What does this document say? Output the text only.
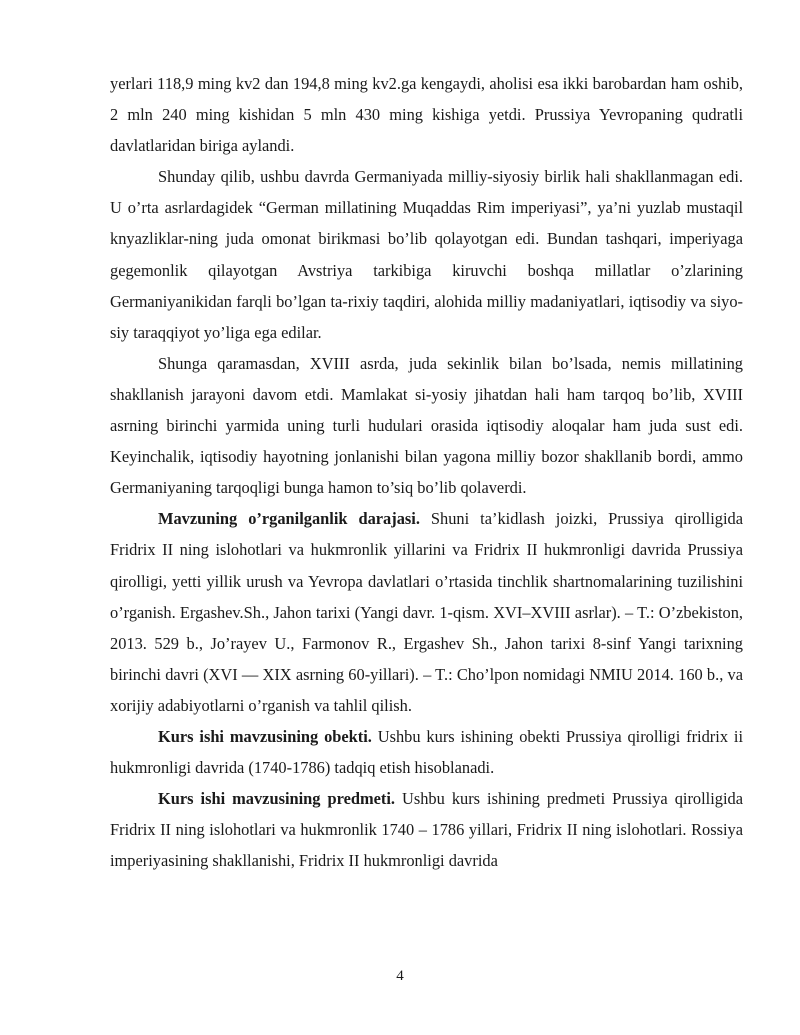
yerlari 118,9 ming kv2 dan 194,8 ming kv2.ga kengaydi, aholisi esa ikki barobardan ham oshib, 2 mln 240 ming kishidan 5 mln 430 ming kishiga yetdi. Prussiya Yevropaning qudratli davlatlaridan biriga aylandi.

Shunday qilib, ushbu davrda Germaniyada milliy-siyosiy birlik hali shakllanmagan edi. U o’rta asrlardagidek “German millatining Muqaddas Rim imperiyasi”, ya’ni yuzlab mustaqil knyazliklar-ning juda omonat birikmasi bo’lib qolayotgan edi. Bundan tashqari, imperiyaga gegemonlik qilayotgan Avstriya tarkibiga kiruvchi boshqa millatlar o’zlarining Germaniyanikidan farqli bo’lgan ta-rixiy taqdiri, alohida milliy madaniyatlari, iqtisodiy va siyo-siy taraqqiyot yo’liga ega edilar.

Shunga qaramasdan, XVIII asrda, juda sekinlik bilan bo’lsada, nemis millatining shakllanish jarayoni davom etdi. Mamlakat si-yosiy jihatdan hali ham tarqoq bo’lib, XVIII asrning birinchi yarmida uning turli hudulari orasida iqtisodiy aloqalar ham juda sust edi. Keyinchalik, iqtisodiy hayotning jonlanishi bilan yagona milliy bozor shakllanib bordi, ammo Germaniyaning tarqoqligi bunga hamon to’siq bo’lib qolaverdi.

Mavzuning o’rganilganlik darajasi. Shuni ta’kidlash joizki, Prussiya qirolligida Fridrix II ning islohotlari va hukmronlik yillarini va Fridrix II hukmronligi davrida Prussiya qirolligi, yetti yillik urush va Yevropa davlatlari o’rtasida tinchlik shartnomalarining tuzilishini o’rganish. Ergashev.Sh., Jahon tarixi (Yangi davr. 1-qism. XVI–XVIII asrlar). – T.: O’zbekiston, 2013. 529 b., Jo’rayev U., Farmonov R., Ergashev Sh., Jahon tarixi 8-sinf Yangi tarixning birinchi davri (XVI — XIX asrning 60-yillari). – T.: Cho’lpon nomidagi NMIU 2014. 160 b., va xorijiy adabiyotlarni o’rganish va tahlil qilish.

Kurs ishi mavzusining obekti. Ushbu kurs ishining obekti Prussiya qirolligi fridrix ii hukmronligi davrida (1740-1786) tadqiq etish hisoblanadi.

Kurs ishi mavzusining predmeti. Ushbu kurs ishining predmeti Prussiya qirolligida Fridrix II ning islohotlari va hukmronlik 1740 – 1786 yillari, Fridrix II ning islohotlari. Rossiya imperiyasining shakllanishi, Fridrix II hukmronligi davrida

4
